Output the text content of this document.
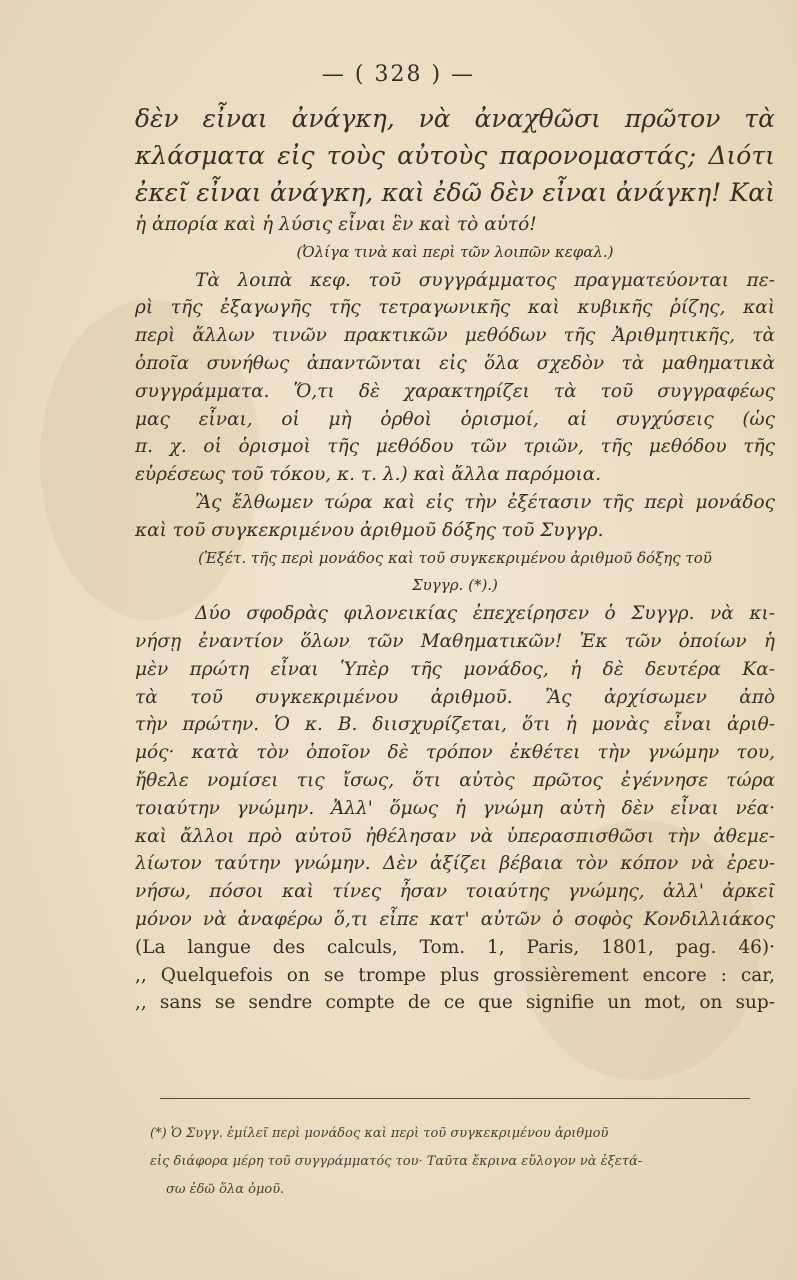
— ( 328 ) —
δὲν εἶναι ἀνάγκη, νὰ ἀναχθῶσι πρῶτον τὰ
κλάσματα εἰς τοὺς αὐτοὺς παρονομαστάς; Διότι
ἐκεῖ εἶναι ἀνάγκη, καὶ ἐδῶ δὲν εἶναι ἀνάγκη! Καὶ
ἡ ἀπορία καὶ ἡ λύσις εἶναι ἓν καὶ τὸ αὐτό!
(Ὀλίγα τινὰ καὶ περὶ τῶν λοιπῶν κεφαλ.)
Τὰ λοιπὰ κεφ. τοῦ συγγράμματος πραγματεύονται πε-
ρὶ τῆς ἐξαγωγῆς τῆς τετραγωνικῆς καὶ κυβικῆς ῥίζης, καὶ
περὶ ἄλλων τινῶν πρακτικῶν μεθόδων τῆς Ἀριθμητικῆς, τὰ
ὁποῖα συνήθως ἀπαντῶνται εἰς ὅλα σχεδὸν τὰ μαθηματικὰ
συγγράμματα. Ὅ,τι δὲ χαρακτηρίζει τὰ τοῦ συγγραφέως
μας εἶναι, οἱ μὴ ὀρθοὶ ὁρισμοί, αἱ συγχύσεις (ὡς
π. χ. οἱ ὁρισμοὶ τῆς μεθόδου τῶν τριῶν, τῆς μεθόδου τῆς
εὑρέσεως τοῦ τόκου, κ. τ. λ.) καὶ ἄλλα παρόμοια.
Ἂς ἔλθωμεν τώρα καὶ εἰς τὴν ἐξέτασιν τῆς περὶ μονάδος
καὶ τοῦ συγκεκριμένου ἀριθμοῦ δόξης τοῦ Συγγρ.
(Ἐξέτ. τῆς περὶ μονάδος καὶ τοῦ συγκεκριμένου ἀριθμοῦ δόξης τοῦ
Συγγρ. (*).)
Δύο σφοδρὰς φιλονεικίας ἐπεχείρησεν ὁ Συγγρ. νὰ κι-
νήσῃ ἐναντίον ὅλων τῶν Μαθηματικῶν! Ἐκ τῶν ὁποίων ἡ
μὲν πρώτη εἶναι Ὑπὲρ τῆς μονάδος, ἡ δὲ δευτέρα Κα-
τὰ τοῦ συγκεκριμένου ἀριθμοῦ. Ἂς ἀρχίσωμεν ἀπὸ
τὴν πρώτην. Ὁ κ. Β. διισχυρίζεται, ὅτι ἡ μονὰς εἶναι ἀριθ-
μός· κατὰ τὸν ὁποῖον δὲ τρόπον ἐκθέτει τὴν γνώμην του,
ἤθελε νομίσει τις ἴσως, ὅτι αὐτὸς πρῶτος ἐγέννησε τώρα
τοιαύτην γνώμην. Ἀλλ' ὅμως ἡ γνώμη αὐτὴ δὲν εἶναι νέα·
καὶ ἄλλοι πρὸ αὐτοῦ ἠθέλησαν νὰ ὑπερασπισθῶσι τὴν ἀθεμε-
λίωτον ταύτην γνώμην. Δὲν ἀξίζει βέβαια τὸν κόπον νὰ ἐρευ-
νήσω, πόσοι καὶ τίνες ἦσαν τοιαύτης γνώμης, ἀλλ' ἀρκεῖ
μόνον νὰ ἀναφέρω ὅ,τι εἶπε κατ' αὐτῶν ὁ σοφὸς Κονδιλλιάκος
(La langue des calculs, Tom. 1, Paris, 1801, pag. 46)·
,, Quelquefois on se trompe plus grossièrement encore : car,
,, sans se sendre compte de ce que signifie un mot, on sup-
(*) Ὁ Συγγ. ἐμίλεῖ περὶ μονάδος καὶ περὶ τοῦ συγκεκριμένου ἀριθμοῦ
εἰς διάφορα μέρη τοῦ συγγράμματός του· Ταῦτα ἔκρινα εὔλογον νὰ ἐξετά-
σω ἐδῶ ὅλα ὁμοῦ.
